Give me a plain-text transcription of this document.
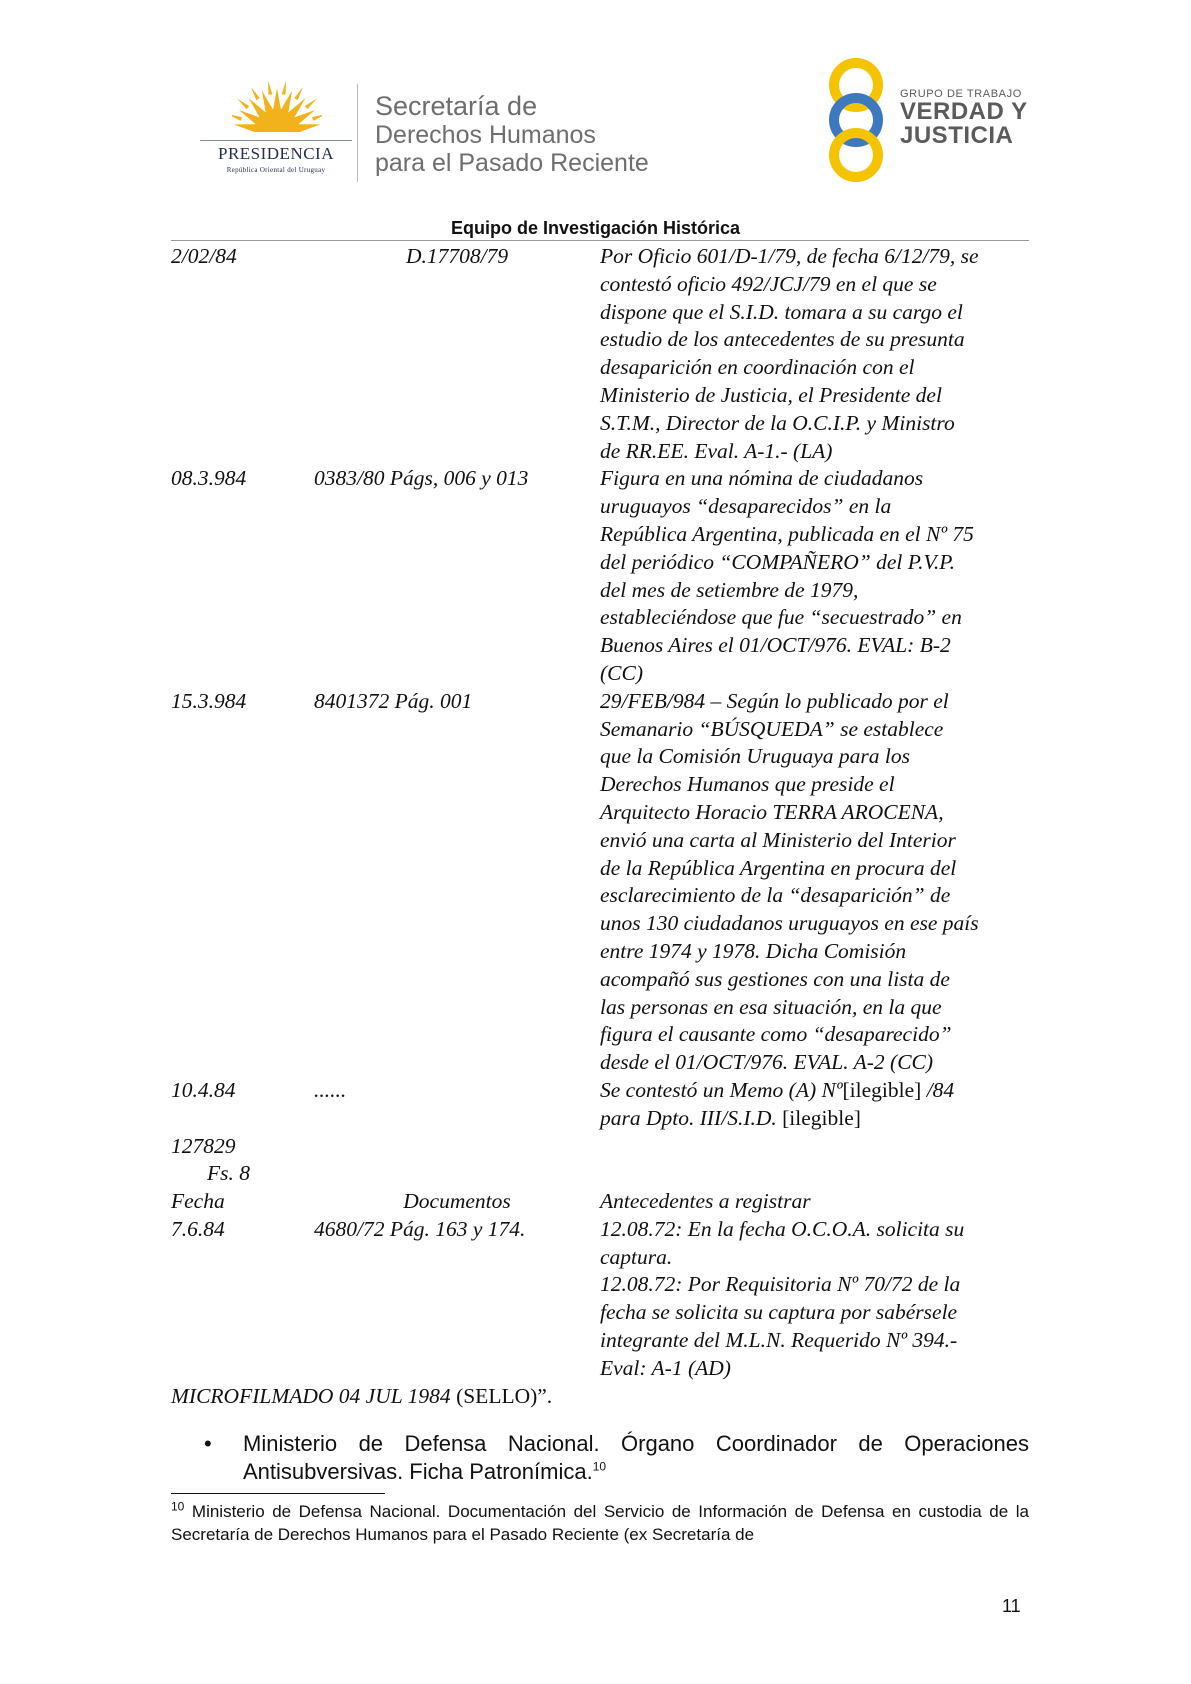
PRESIDENCIA
República Oriental del Uruguay
Secretaría de
Derechos Humanos
para el Pasado Reciente
GRUPO DE TRABAJO
VERDAD Y
JUSTICIA
Equipo de Investigación Histórica
2/02/84	D.17708/79	Por Oficio 601/D-1/79, de fecha 6/12/79, se
contestó oficio 492/JCJ/79 en el que se
dispone que el S.I.D. tomara a su cargo el
estudio de los antecedentes de su presunta
desaparición en coordinación con el
Ministerio de Justicia, el Presidente del
S.T.M., Director de la O.C.I.P. y Ministro
de RR.EE. Eval. A-1.- (LA)
08.3.984	0383/80 Págs, 006 y 013	Figura en una nómina de ciudadanos
uruguayos “desaparecidos” en la
República Argentina, publicada en el Nº 75
del periódico “COMPAÑERO” del P.V.P.
del mes de setiembre de 1979,
estableciéndose que fue “secuestrado” en
Buenos Aires el 01/OCT/976. EVAL: B-2
(CC)
15.3.984	8401372 Pág. 001	29/FEB/984 – Según lo publicado por el
Semanario “BÚSQUEDA” se establece
que la Comisión Uruguaya para los
Derechos Humanos que preside el
Arquitecto Horacio TERRA AROCENA,
envió una carta al Ministerio del Interior
de la República Argentina en procura del
esclarecimiento de la “desaparición” de
unos 130 ciudadanos uruguayos en ese país
entre 1974 y 1978. Dicha Comisión
acompañó sus gestiones con una lista de
las personas en esa situación, en la que
figura el causante como “desaparecido”
desde el 01/OCT/976. EVAL. A-2 (CC)
10.4.84	......	Se contestó un Memo (A) Nº[ilegible] /84
para Dpto. III/S.I.D. [ilegible]
127829
Fs. 8
Fecha	Documentos	Antecedentes a registrar
7.6.84	4680/72 Pág. 163 y 174.	12.08.72: En la fecha O.C.O.A. solicita su
captura.
12.08.72: Por Requisitoria Nº 70/72 de la
fecha se solicita su captura por sabérsele
integrante del M.L.N. Requerido Nº 394.-
Eval: A-1 (AD)
MICROFILMADO 04 JUL 1984 (SELLO)”.
•	Ministerio de Defensa Nacional. Órgano Coordinador de Operaciones Antisubversivas. Ficha Patronímica.$^{10}$
$^{10}$ Ministerio de Defensa Nacional. Documentación del Servicio de Información de Defensa en custodia de la Secretaría de Derechos Humanos para el Pasado Reciente (ex Secretaría de
11
